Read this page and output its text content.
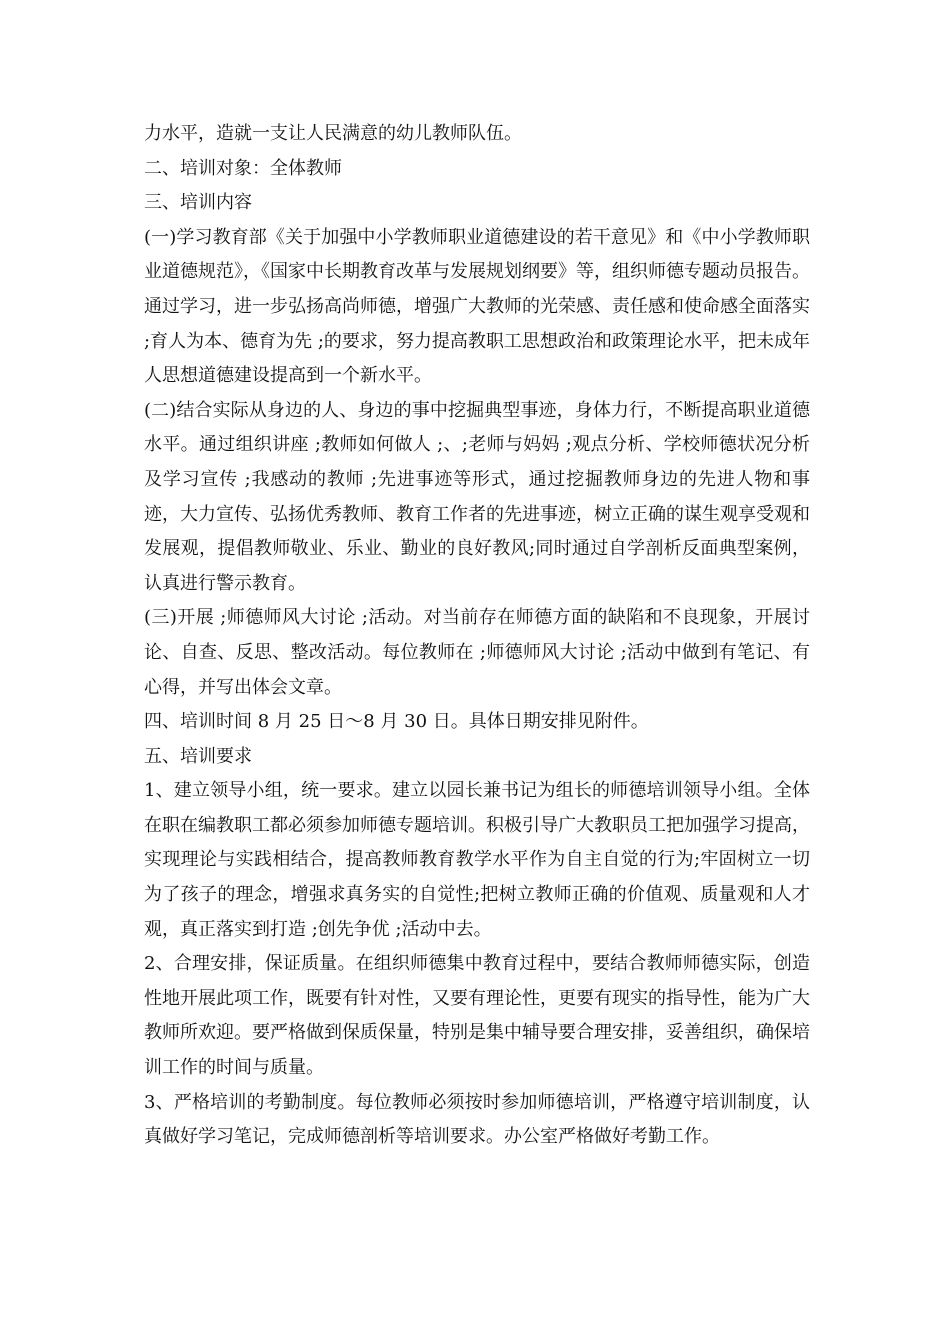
力水平，造就一支让人民满意的幼儿教师队伍。

二、培训对象：全体教师

三、培训内容

(一)学习教育部《关于加强中小学教师职业道德建设的若干意见》和《中小学教师职业道德规范》，《国家中长期教育改革与发展规划纲要》等，组织师德专题动员报告。通过学习，进一步弘扬高尚师德，增强广大教师的光荣感、责任感和使命感全面落实 ;育人为本、德育为先 ;的要求，努力提高教职工思想政治和政策理论水平，把未成年人思想道德建设提高到一个新水平。

(二)结合实际从身边的人、身边的事中挖掘典型事迹，身体力行，不断提高职业道德水平。通过组织讲座 ;教师如何做人 ;、;老师与妈妈 ;观点分析、学校师德状况分析及学习宣传 ;我感动的教师 ;先进事迹等形式，通过挖掘教师身边的先进人物和事迹，大力宣传、弘扬优秀教师、教育工作者的先进事迹，树立正确的谋生观享受观和发展观，提倡教师敬业、乐业、勤业的良好教风;同时通过自学剖析反面典型案例，认真进行警示教育。

(三)开展 ;师德师风大讨论 ;活动。对当前存在师德方面的缺陷和不良现象，开展讨论、自查、反思、整改活动。每位教师在 ;师德师风大讨论 ;活动中做到有笔记、有心得，并写出体会文章。

四、培训时间 8 月 25 日～8 月 30 日。具体日期安排见附件。

五、培训要求

1、建立领导小组，统一要求。建立以园长兼书记为组长的师德培训领导小组。全体在职在编教职工都必须参加师德专题培训。积极引导广大教职员工把加强学习提高，实现理论与实践相结合，提高教师教育教学水平作为自主自觉的行为;牢固树立一切为了孩子的理念，增强求真务实的自觉性;把树立教师正确的价值观、质量观和人才观，真正落实到打造 ;创先争优 ;活动中去。

2、合理安排，保证质量。在组织师德集中教育过程中，要结合教师师德实际，创造性地开展此项工作，既要有针对性，又要有理论性，更要有现实的指导性，能为广大教师所欢迎。要严格做到保质保量，特别是集中辅导要合理安排，妥善组织，确保培训工作的时间与质量。

3、严格培训的考勤制度。每位教师必须按时参加师德培训，严格遵守培训制度，认真做好学习笔记，完成师德剖析等培训要求。办公室严格做好考勤工作。
